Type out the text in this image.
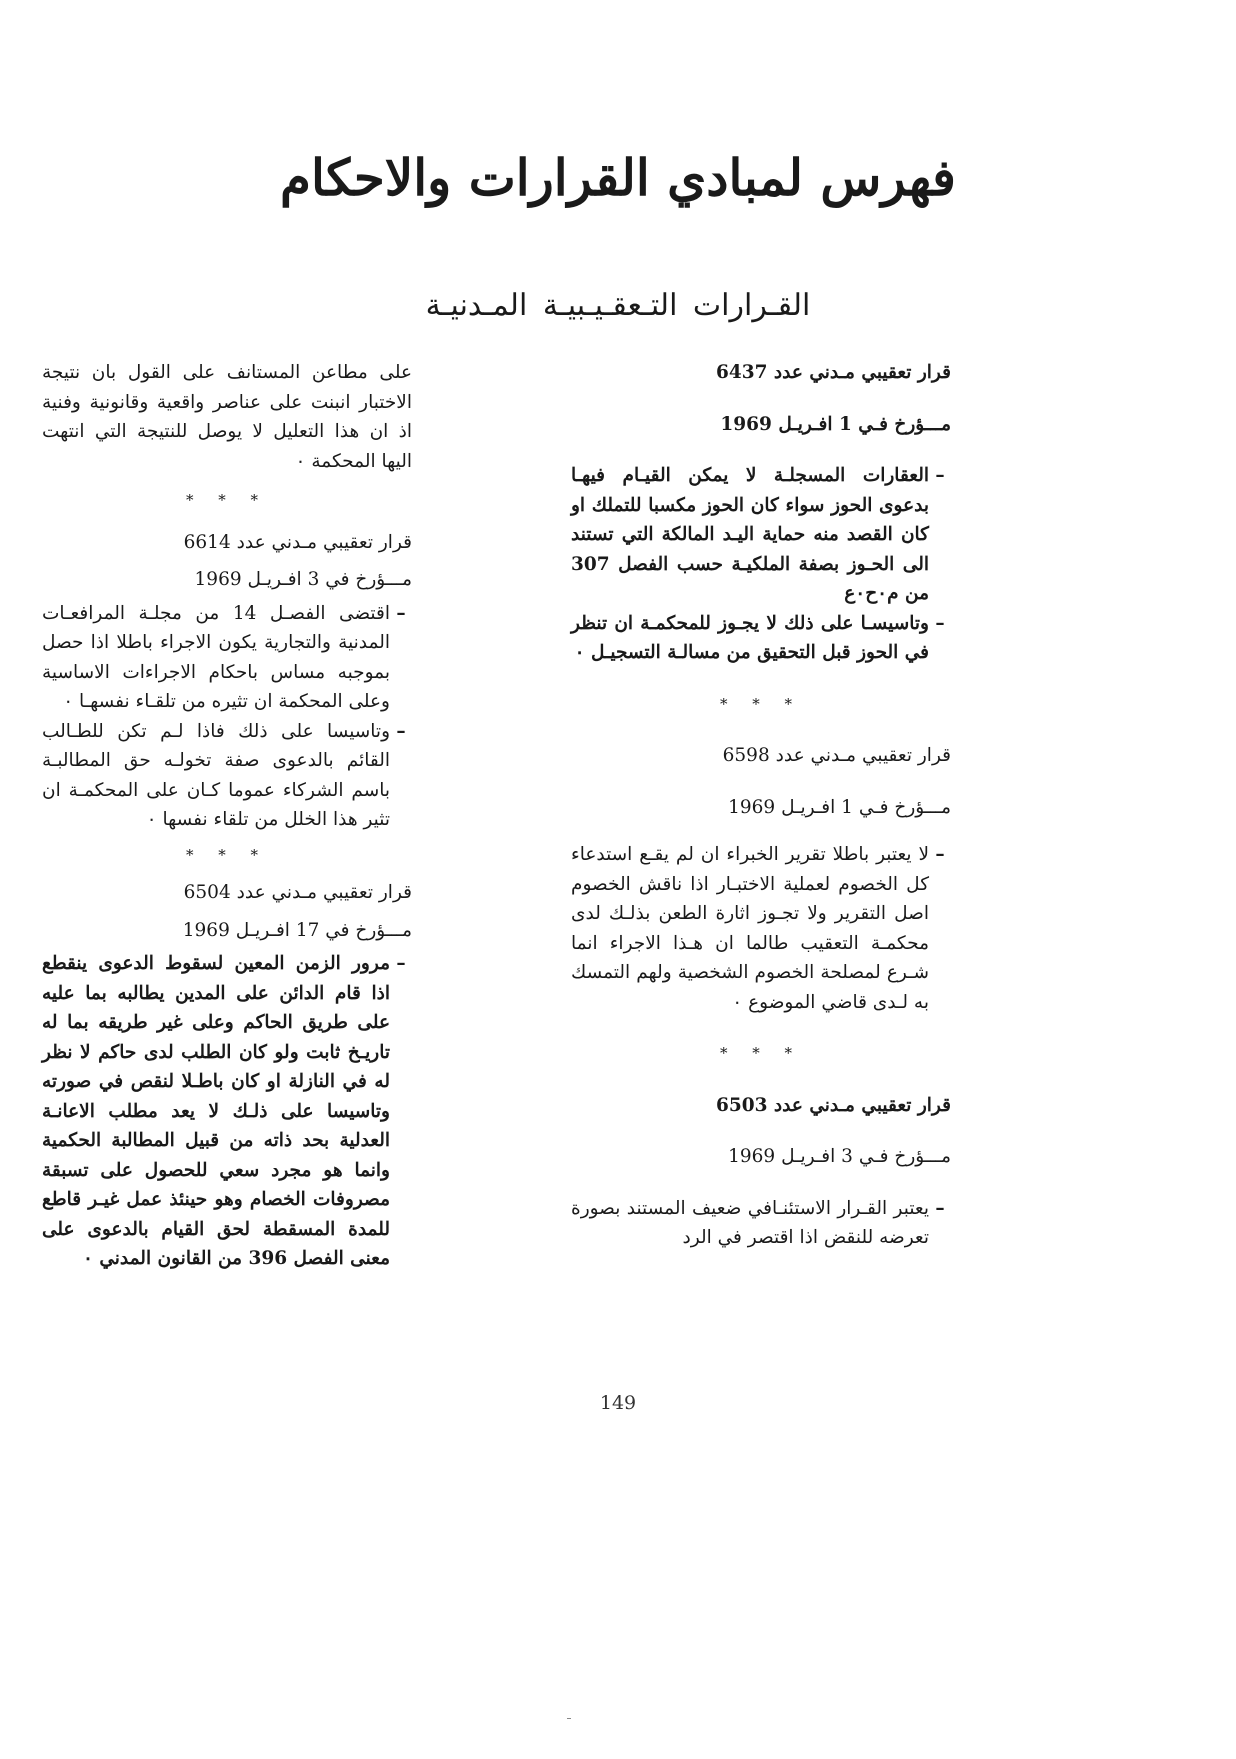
فهرس لمبادي القرارات والاحكام
القـرارات التـعقـيـبيـة المـدنيـة

قرار تعقيبي مـدني عدد 6437

مـــؤرخ فـي 1 افـريـل 1969

–
العقارات المسجلـة لا يمكن القيـام فيهـا بدعوى الحوز سواء كان الحوز مكسبا للتملك او كان القصد منه حماية اليـد المالكة التي تستند الى الحـوز بصفة الملكيـة حسب الفصل 307 من م٠ح٠ع
–
وتاسيسـا على ذلك لا يجـوز للمحكمـة ان تنظر في الحوز قبل التحقيق من مسالـة التسجيـل ٠

* * *

قرار تعقيبي مـدني عدد 6598

مـــؤرخ فـي 1 افـريـل 1969

–
لا يعتبر باطلا تقرير الخبراء ان لم يقـع استدعاء كل الخصوم لعملية الاختبـار اذا ناقش الخصوم اصل التقرير ولا تجـوز اثارة الطعن بذلـك لدى محكمـة التعقيب طالما ان هـذا الاجراء انما شـرع لمصلحة الخصوم الشخصية ولهم التمسك به لـدى قاضي الموضوع ٠

* * *

قرار تعقيبي مـدني عدد 6503

مـــؤرخ فـي 3 افـريـل 1969

–
يعتبر القـرار الاستئنـافي ضعيف المستند بصورة تعرضه للنقض اذا اقتصر في الرد

على مطاعن المستانف على القول بان نتيجة الاختبار انبنت على عناصر واقعية وقانونية وفنية اذ ان هذا التعليل لا يوصل للنتيجة التي انتهت اليها المحكمة ٠

* * *

قرار تعقيبي مـدني عدد 6614

مـــؤرخ في 3 افـريـل 1969

–
اقتضى الفصـل 14 من مجلـة المرافعـات المدنية والتجارية يكون الاجراء باطلا اذا حصل بموجبه مساس باحكام الاجراءات الاساسية وعلى المحكمة ان تثيره من تلقـاء نفسهـا ٠
–
وتاسيسا على ذلك فاذا لـم تكن للطـالب القائم بالدعوى صفة تخولـه حق المطالبـة باسم الشركاء عموما كـان على المحكمـة ان تثير هذا الخلل من تلقاء نفسها ٠

* * *

قرار تعقيبي مـدني عدد 6504

مـــؤرخ في 17 افـريـل 1969

–
مرور الزمن المعين لسقوط الدعوى ينقطع اذا قام الدائن على المدين يطالبه بما عليه على طريق الحاكم وعلى غير طريقه بما له تاريـخ ثابت ولو كان الطلب لدى حاكم لا نظر له في النازلة او كان باطـلا لنقص في صورته وتاسيسا على ذلـك لا يعد مطلب الاعانـة العدلية بحد ذاته من قبيل المطالبة الحكمية وانما هو مجرد سعي للحصول على تسبقة مصروفات الخصام وهو حينئذ عمل غيـر قاطع للمدة المسقطة لحق القيام بالدعوى على معنى الفصل 396 من القانون المدني ٠
149
